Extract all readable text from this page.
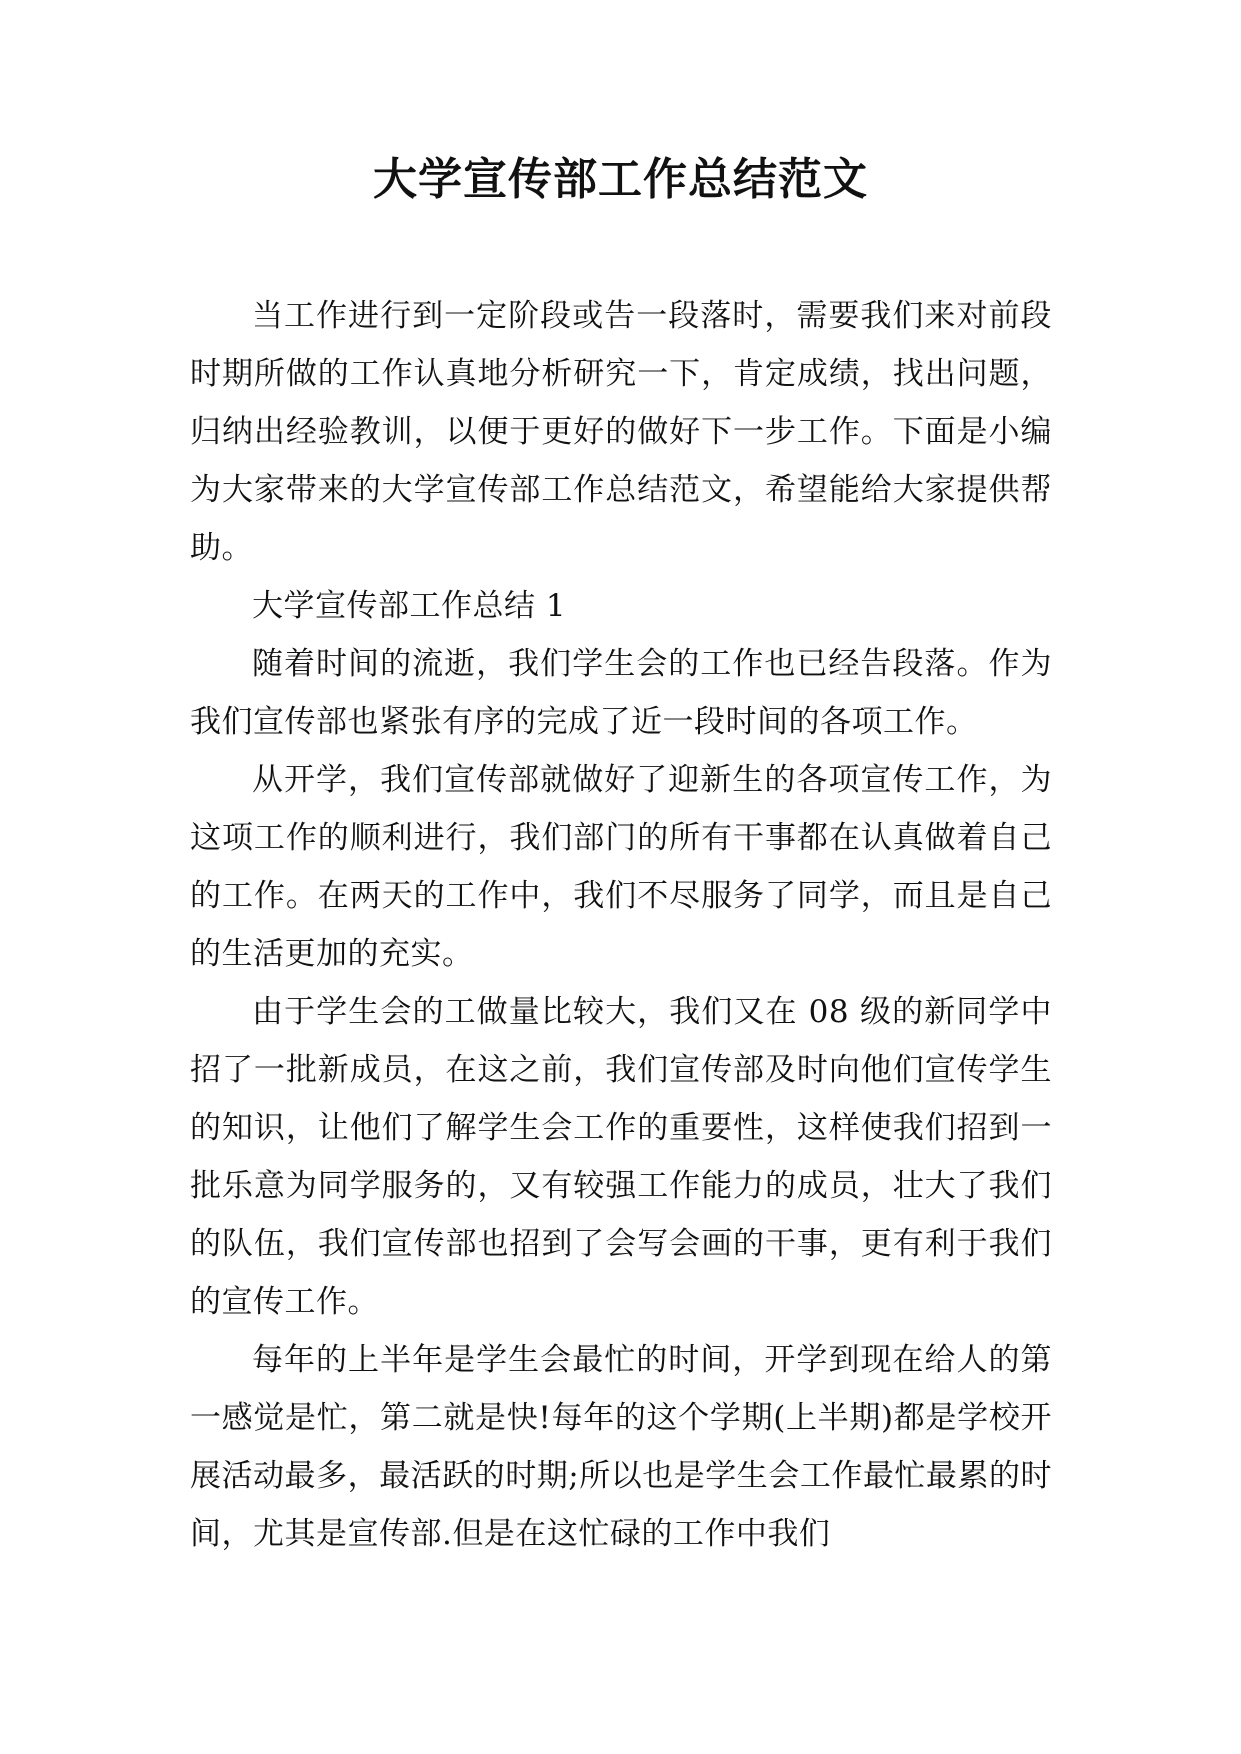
大学宣传部工作总结范文

当工作进行到一定阶段或告一段落时，需要我们来对前段时期所做的工作认真地分析研究一下，肯定成绩，找出问题，归纳出经验教训，以便于更好的做好下一步工作。下面是小编为大家带来的大学宣传部工作总结范文，希望能给大家提供帮助。

大学宣传部工作总结 1

随着时间的流逝，我们学生会的工作也已经告段落。作为我们宣传部也紧张有序的完成了近一段时间的各项工作。

从开学，我们宣传部就做好了迎新生的各项宣传工作，为这项工作的顺利进行，我们部门的所有干事都在认真做着自己的工作。在两天的工作中，我们不尽服务了同学，而且是自己的生活更加的充实。

由于学生会的工做量比较大，我们又在 08 级的新同学中招了一批新成员，在这之前，我们宣传部及时向他们宣传学生的知识，让他们了解学生会工作的重要性，这样使我们招到一批乐意为同学服务的，又有较强工作能力的成员，壮大了我们的队伍，我们宣传部也招到了会写会画的干事，更有利于我们的宣传工作。

每年的上半年是学生会最忙的时间，开学到现在给人的第一感觉是忙，第二就是快!每年的这个学期(上半期)都是学校开展活动最多，最活跃的时期;所以也是学生会工作最忙最累的时间，尤其是宣传部.但是在这忙碌的工作中我们
